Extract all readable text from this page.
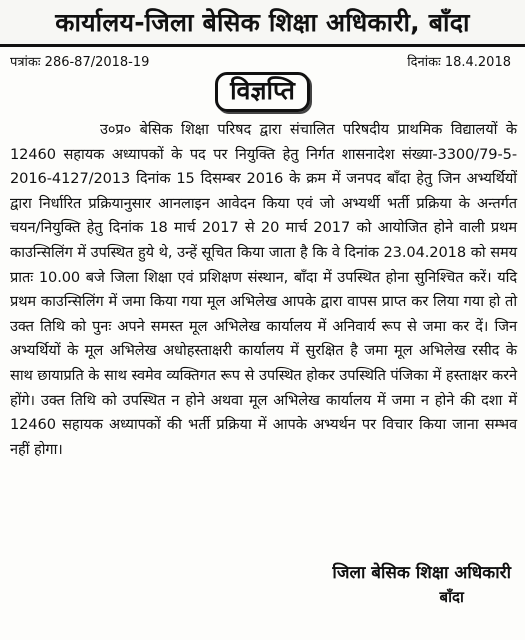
कार्यालय-जिला बेसिक शिक्षा अधिकारी, बाँदा
पत्रांकः 286-87/2018-19	दिनांकः 18.4.2018
विज्ञप्ति

उ०प्र० बेसिक शिक्षा परिषद द्वारा संचालित परिषदीय प्राथमिक विद्यालयों के 12460 सहायक अध्यापकों के पद पर नियुक्ति हेतु निर्गत शासनादेश संख्या-3300/79-5-2016-4127/2013 दिनांक 15 दिसम्बर 2016 के क्रम में जनपद बाँदा हेतु जिन अभ्यर्थियों द्वारा निर्धारित प्रक्रियानुसार आनलाइन आवेदन किया एवं जो अभ्यर्थी भर्ती प्रक्रिया के अन्तर्गत चयन/नियुक्ति हेतु दिनांक 18 मार्च 2017 से 20 मार्च 2017 को आयोजित होने वाली प्रथम काउन्सिलिंग में उपस्थित हुये थे, उन्हें सूचित किया जाता है कि वे दिनांक 23.04.2018 को समय प्रातः 10.00 बजे जिला शिक्षा एवं प्रशिक्षण संस्थान, बाँदा में उपस्थित होना सुनिश्चित करें। यदि प्रथम काउन्सिलिंग में जमा किया गया मूल अभिलेख आपके द्वारा वापस प्राप्त कर लिया गया हो तो उक्त तिथि को पुनः अपने समस्त मूल अभिलेख कार्यालय में अनिवार्य रूप से जमा कर दें। जिन अभ्यर्थियों के मूल अभिलेख अधोहस्ताक्षरी कार्यालय में सुरक्षित है जमा मूल अभिलेख रसीद के साथ छायाप्रति के साथ स्वमेव व्यक्तिगत रूप से उपस्थित होकर उपस्थिति पंजिका में हस्ताक्षर करने होंगे। उक्त तिथि को उपस्थित न होने अथवा मूल अभिलेख कार्यालय में जमा न होने की दशा में 12460 सहायक अध्यापकों की भर्ती प्रक्रिया में आपके अभ्यर्थन पर विचार किया जाना सम्भव नहीं होगा।

जिला बेसिक शिक्षा अधिकारी
बाँदा
